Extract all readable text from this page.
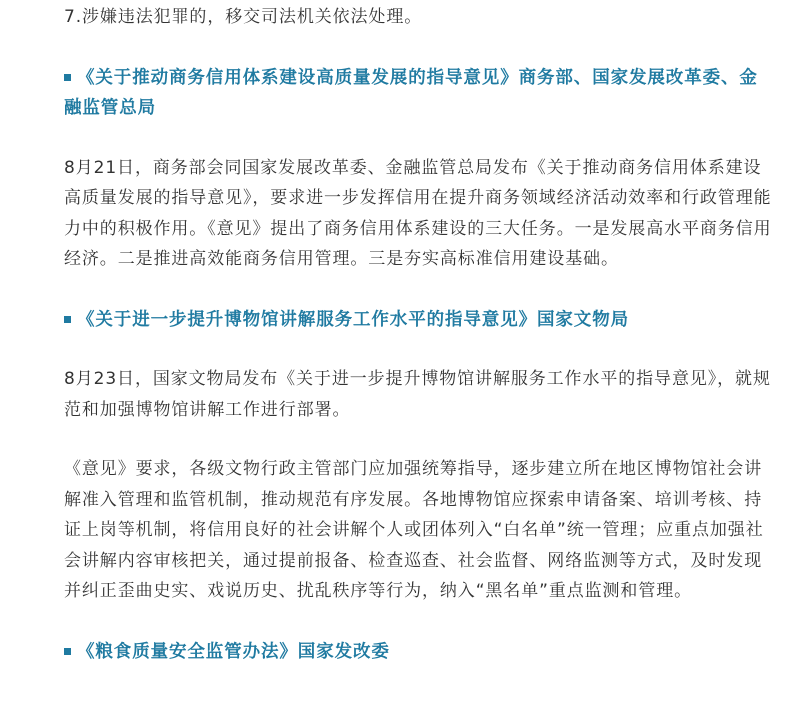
7.涉嫌违法犯罪的，移交司法机关依法处理。

《关于推动商务信用体系建设高质量发展的指导意见》商务部、国家发展改革委、金融监管总局

8月21日，商务部会同国家发展改革委、金融监管总局发布《关于推动商务信用体系建设高质量发展的指导意见》，要求进一步发挥信用在提升商务领域经济活动效率和行政管理能力中的积极作用。《意见》提出了商务信用体系建设的三大任务。一是发展高水平商务信用经济。二是推进高效能商务信用管理。三是夯实高标准信用建设基础。

《关于进一步提升博物馆讲解服务工作水平的指导意见》国家文物局

8月23日，国家文物局发布《关于进一步提升博物馆讲解服务工作水平的指导意见》，就规范和加强博物馆讲解工作进行部署。

《意见》要求，各级文物行政主管部门应加强统筹指导，逐步建立所在地区博物馆社会讲解准入管理和监管机制，推动规范有序发展。各地博物馆应探索申请备案、培训考核、持证上岗等机制，将信用良好的社会讲解个人或团体列入“白名单”统一管理；应重点加强社会讲解内容审核把关，通过提前报备、检查巡查、社会监督、网络监测等方式，及时发现并纠正歪曲史实、戏说历史、扰乱秩序等行为，纳入“黑名单”重点监测和管理。

《粮食质量安全监管办法》国家发改委
